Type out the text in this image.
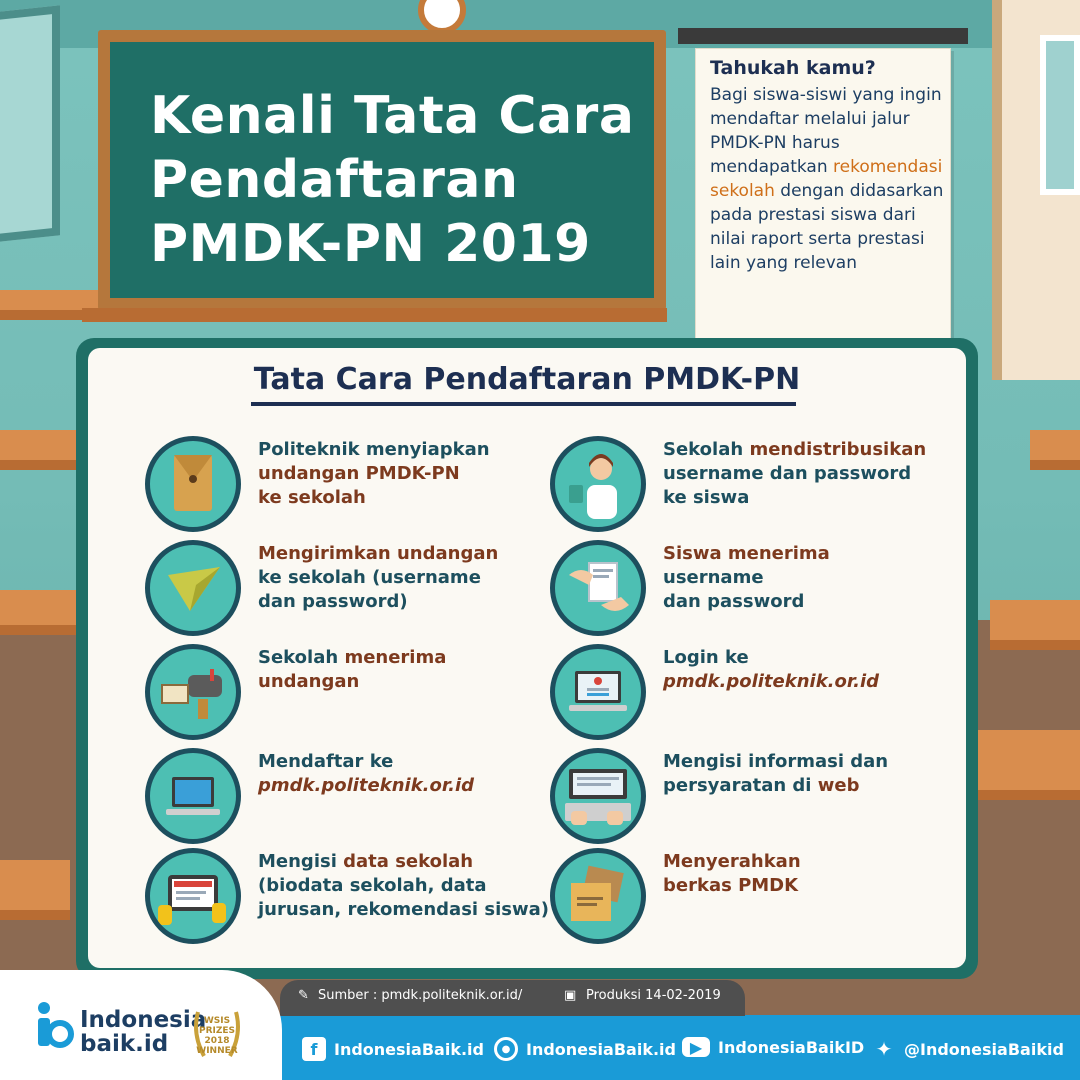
Kenali Tata Cara
Pendaftaran
PMDK-PN 2019
Tahukah kamu?
Bagi siswa-siswi yang ingin mendaftar melalui jalur PMDK-PN harus mendapatkan rekomendasi sekolah dengan didasarkan pada prestasi siswa dari nilai raport serta prestasi lain yang relevan
Tata Cara Pendaftaran PMDK-PN
Politeknik menyiapkan
undangan PMDK-PN
ke sekolah
Mengirimkan undangan
ke sekolah (username
dan password)
Sekolah menerima
undangan
Mendaftar ke
pmdk.politeknik.or.id
Mengisi data sekolah
(biodata sekolah, data
jurusan, rekomendasi siswa)
Sekolah mendistribusikan
username dan password
ke siswa
Siswa menerima
username
dan password
Login ke
pmdk.politeknik.or.id
Mengisi informasi dan
persyaratan di web
Menyerahkan
berkas PMDK
✎ Sumber : pmdk.politeknik.or.id/	▣ Produksi 14-02-2019
Indonesia
baik.id
WSIS PRIZES 2018 WINNER	f	IndonesiaBaik.id	● IndonesiaBaik.id ▶ IndonesiaBaikID ✦ @IndonesiaBaikid
